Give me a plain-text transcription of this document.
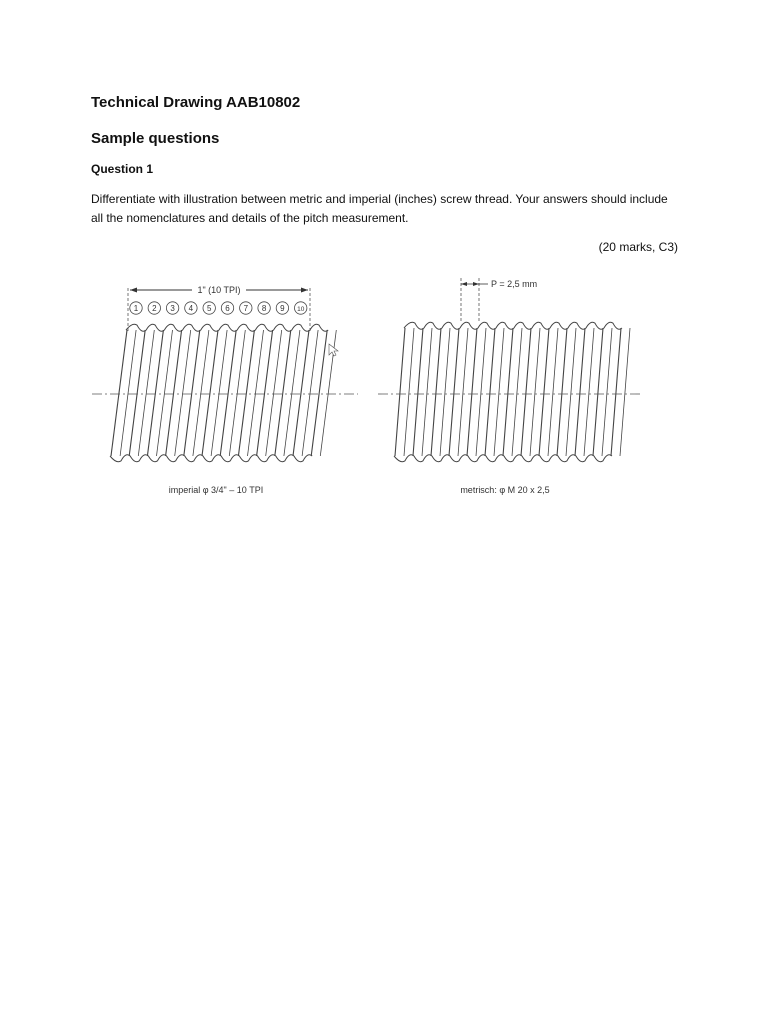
Technical Drawing AAB10802
Sample questions
Question 1
Differentiate with illustration between metric and imperial (inches) screw thread. Your answers should include all the nomenclatures and details of the pitch measurement.
(20 marks, C3)
1 2 3 4 5 6 7 8 9 10
1" (10 TPI)
imperial φ 3/4" – 10 TPI
P = 2,5 mm
metrisch: φ M 20 x 2,5
